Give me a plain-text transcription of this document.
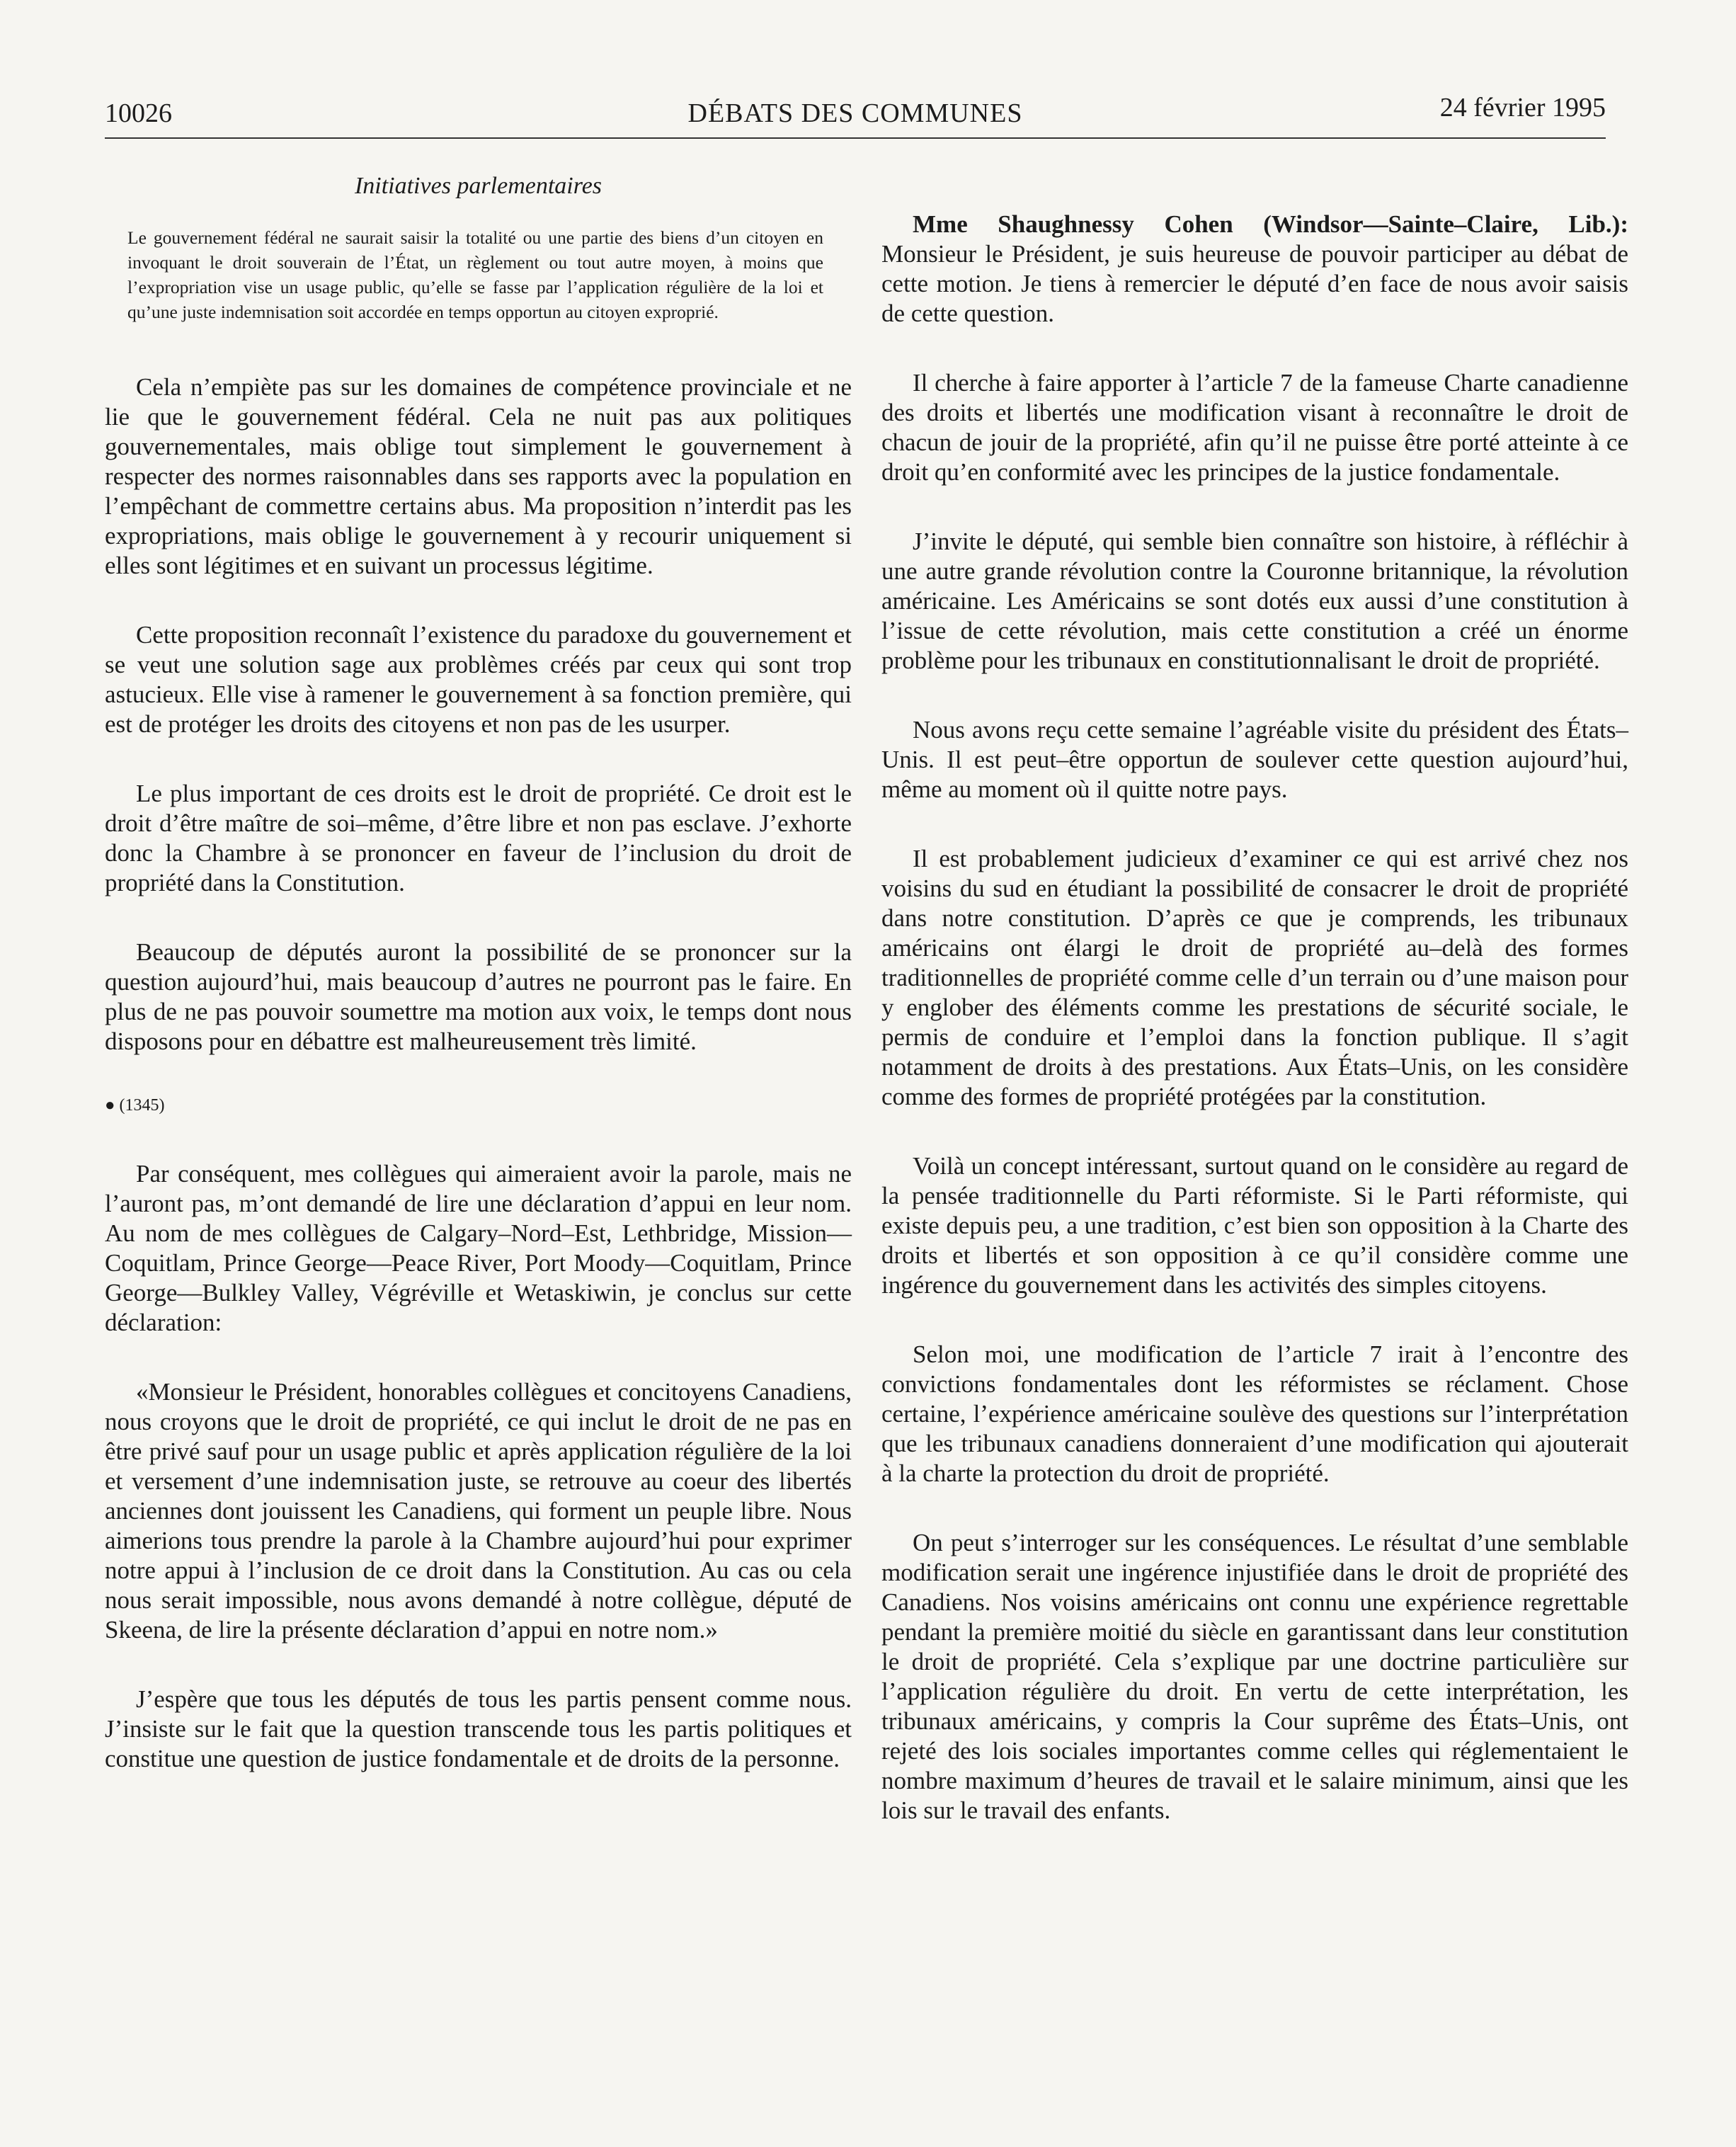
10026	DÉBATS DES COMMUNES	24 février 1995
Initiatives parlementaires
Le gouvernement fédéral ne saurait saisir la totalité ou une partie des biens d’un citoyen en invoquant le droit souverain de l’État, un règlement ou tout autre moyen, à moins que l’expropriation vise un usage public, qu’elle se fasse par l’application régulière de la loi et qu’une juste indemnisation soit accordée en temps opportun au citoyen exproprié.

Cela n’empiète pas sur les domaines de compétence provinciale et ne lie que le gouvernement fédéral. Cela ne nuit pas aux politiques gouvernementales, mais oblige tout simplement le gouvernement à respecter des normes raisonnables dans ses rapports avec la population en l’empêchant de commettre certains abus. Ma proposition n’interdit pas les expropriations, mais oblige le gouvernement à y recourir uniquement si elles sont légitimes et en suivant un processus légitime.

Cette proposition reconnaît l’existence du paradoxe du gouvernement et se veut une solution sage aux problèmes créés par ceux qui sont trop astucieux. Elle vise à ramener le gouvernement à sa fonction première, qui est de protéger les droits des citoyens et non pas de les usurper.

Le plus important de ces droits est le droit de propriété. Ce droit est le droit d’être maître de soi–même, d’être libre et non pas esclave. J’exhorte donc la Chambre à se prononcer en faveur de l’inclusion du droit de propriété dans la Constitution.

Beaucoup de députés auront la possibilité de se prononcer sur la question aujourd’hui, mais beaucoup d’autres ne pourront pas le faire. En plus de ne pas pouvoir soumettre ma motion aux voix, le temps dont nous disposons pour en débattre est malheureusement très limité.

● (1345)

Par conséquent, mes collègues qui aimeraient avoir la parole, mais ne l’auront pas, m’ont demandé de lire une déclaration d’appui en leur nom. Au nom de mes collègues de Calgary–Nord–Est, Lethbridge, Mission—Coquitlam, Prince George—Peace River, Port Moody—Coquitlam, Prince George—Bulkley Valley, Végréville et Wetaskiwin, je conclus sur cette déclaration:

«Monsieur le Président, honorables collègues et concitoyens Canadiens, nous croyons que le droit de propriété, ce qui inclut le droit de ne pas en être privé sauf pour un usage public et après application régulière de la loi et versement d’une indemnisation juste, se retrouve au coeur des libertés anciennes dont jouissent les Canadiens, qui forment un peuple libre. Nous aimerions tous prendre la parole à la Chambre aujourd’hui pour exprimer notre appui à l’inclusion de ce droit dans la Constitution. Au cas ou cela nous serait impossible, nous avons demandé à notre collègue, député de Skeena, de lire la présente déclaration d’appui en notre nom.»

J’espère que tous les députés de tous les partis pensent comme nous. J’insiste sur le fait que la question transcende tous les partis politiques et constitue une question de justice fondamentale et de droits de la personne.

Mme Shaughnessy Cohen (Windsor—Sainte–Claire, Lib.): Monsieur le Président, je suis heureuse de pouvoir participer au débat de cette motion. Je tiens à remercier le député d’en face de nous avoir saisis de cette question.

Il cherche à faire apporter à l’article 7 de la fameuse Charte canadienne des droits et libertés une modification visant à reconnaître le droit de chacun de jouir de la propriété, afin qu’il ne puisse être porté atteinte à ce droit qu’en conformité avec les principes de la justice fondamentale.

J’invite le député, qui semble bien connaître son histoire, à réfléchir à une autre grande révolution contre la Couronne britannique, la révolution américaine. Les Américains se sont dotés eux aussi d’une constitution à l’issue de cette révolution, mais cette constitution a créé un énorme problème pour les tribunaux en constitutionnalisant le droit de propriété.

Nous avons reçu cette semaine l’agréable visite du président des États–Unis. Il est peut–être opportun de soulever cette question aujourd’hui, même au moment où il quitte notre pays.

Il est probablement judicieux d’examiner ce qui est arrivé chez nos voisins du sud en étudiant la possibilité de consacrer le droit de propriété dans notre constitution. D’après ce que je comprends, les tribunaux américains ont élargi le droit de propriété au–delà des formes traditionnelles de propriété comme celle d’un terrain ou d’une maison pour y englober des éléments comme les prestations de sécurité sociale, le permis de conduire et l’emploi dans la fonction publique. Il s’agit notamment de droits à des prestations. Aux États–Unis, on les considère comme des formes de propriété protégées par la constitution.

Voilà un concept intéressant, surtout quand on le considère au regard de la pensée traditionnelle du Parti réformiste. Si le Parti réformiste, qui existe depuis peu, a une tradition, c’est bien son opposition à la Charte des droits et libertés et son opposition à ce qu’il considère comme une ingérence du gouvernement dans les activités des simples citoyens.

Selon moi, une modification de l’article 7 irait à l’encontre des convictions fondamentales dont les réformistes se réclament. Chose certaine, l’expérience américaine soulève des questions sur l’interprétation que les tribunaux canadiens donneraient d’une modification qui ajouterait à la charte la protection du droit de propriété.

On peut s’interroger sur les conséquences. Le résultat d’une semblable modification serait une ingérence injustifiée dans le droit de propriété des Canadiens. Nos voisins américains ont connu une expérience regrettable pendant la première moitié du siècle en garantissant dans leur constitution le droit de propriété. Cela s’explique par une doctrine particulière sur l’application régulière du droit. En vertu de cette interprétation, les tribunaux américains, y compris la Cour suprême des États–Unis, ont rejeté des lois sociales importantes comme celles qui réglementaient le nombre maximum d’heures de travail et le salaire minimum, ainsi que les lois sur le travail des enfants.
